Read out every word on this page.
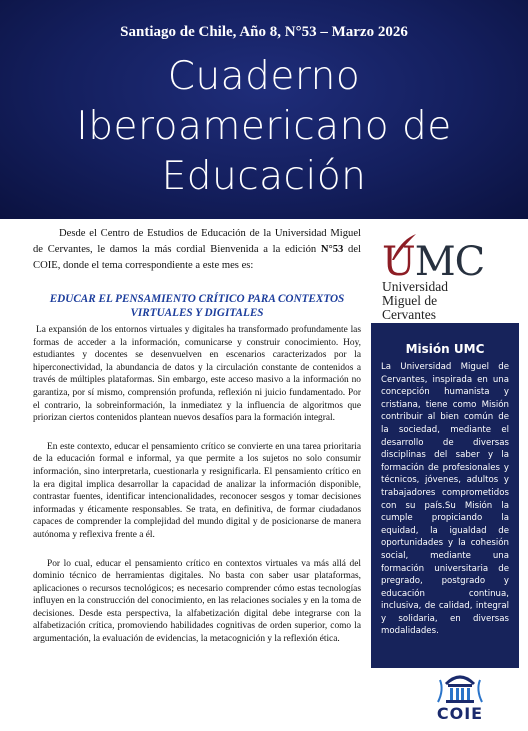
Santiago de Chile, Año 8, N°53 – Marzo 2026
Cuaderno
Iberoamericano de
Educación

Desde el Centro de Estudios de Educación de la Universidad Miguel de Cervantes, le damos la más cordial Bienvenida a la edición N°53 del COIE, donde el tema correspondiente a este mes es:

EDUCAR EL PENSAMIENTO CRÍTICO PARA CONTEXTOS VIRTUALES Y DIGITALES

La expansión de los entornos virtuales y digitales ha transformado profundamente las formas de acceder a la información, comunicarse y construir conocimiento. Hoy, estudiantes y docentes se desenvuelven en escenarios caracterizados por la hiperconectividad, la abundancia de datos y la circulación constante de contenidos a través de múltiples plataformas. Sin embargo, este acceso masivo a la información no garantiza, por sí mismo, comprensión profunda, reflexión ni juicio fundamentado. Por el contrario, la sobreinformación, la inmediatez y la influencia de algoritmos que priorizan ciertos contenidos plantean nuevos desafíos para la formación integral.

En este contexto, educar el pensamiento crítico se convierte en una tarea prioritaria de la educación formal e informal, ya que permite a los sujetos no solo consumir información, sino interpretarla, cuestionarla y resignificarla. El pensamiento crítico en la era digital implica desarrollar la capacidad de analizar la información disponible, contrastar fuentes, identificar intencionalidades, reconocer sesgos y tomar decisiones informadas y éticamente responsables. Se trata, en definitiva, de formar ciudadanos capaces de comprender la complejidad del mundo digital y de posicionarse de manera autónoma y reflexiva frente a él.

Por lo cual, educar el pensamiento crítico en contextos virtuales va más allá del dominio técnico de herramientas digitales. No basta con saber usar plataformas, aplicaciones o recursos tecnológicos; es necesario comprender cómo estas tecnologías influyen en la construcción del conocimiento, en las relaciones sociales y en la toma de decisiones. Desde esta perspectiva, la alfabetización digital debe integrarse con la alfabetización crítica, promoviendo habilidades cognitivas de orden superior, como la argumentación, la evaluación de evidencias, la metacognición y la reflexión ética.

UMC
Universidad
Miguel de Cervantes
Misión UMC

La Universidad Miguel de Cervantes, inspirada en una concepción humanista y cristiana, tiene como Misión contribuir al bien común de la sociedad, mediante el desarrollo de diversas disciplinas del saber y la formación de profesionales y técnicos, jóvenes, adultos y trabajadores comprometidos con su país.Su Misión la cumple propiciando la equidad, la igualdad de oportunidades y la cohesión social, mediante una formación universitaria de pregrado, postgrado y educación continua, inclusiva, de calidad, integral y solidaria, en diversas modalidades.

COIE
